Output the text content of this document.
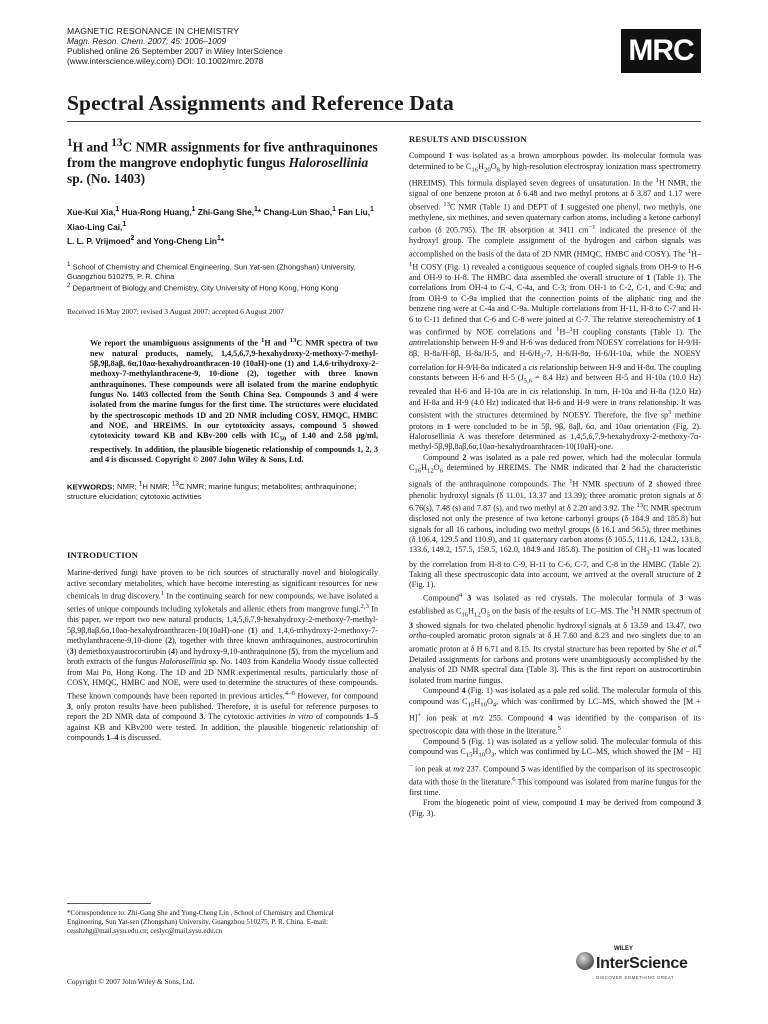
MAGNETIC RESONANCE IN CHEMISTRY
Magn. Reson. Chem. 2007; 45: 1006–1009
Published online 26 September 2007 in Wiley InterScience
(www.interscience.wiley.com) DOI: 10.1002/mrc.2078	MRC
Spectral Assignments and Reference Data
$^1$H and $^{13}$C NMR assignments for five anthraquinones from the mangrove endophytic fungus Halorosellinia sp. (No. 1403)
Xue-Kui Xia,$^1$ Hua-Rong Huang,$^1$ Zhi-Gang She,$^1$* Chang-Lun Shao,$^1$ Fan Liu,$^1$ Xiao-Ling Cai,$^1$
L. L. P. Vrijmoed$^2$ and Yong-Cheng Lin$^1$*
$^1$ School of Chemistry and Chemical Engineering, Sun Yat-sen (Zhongshan) University, Guangzhou 510275, P. R. China
$^2$ Department of Biology and Chemistry, City University of Hong Kong, Hong Kong
Received 16 May 2007; revised 3 August 2007; accepted 6 August 2007
We report the unambiguous assignments of the $^1$H and $^{13}$C NMR spectra of two new natural products, namely, 1,4,5,6,7,9-hexahydroxy-2-methoxy-7-methyl-5β,9β,8aβ, 6α,10aα-hexahydroanthracen-10 (10aH)-one (1) and 1,4,6-trihydroxy-2-methoxy-7-methylanthracene-9, 10-dione (2), together with three known anthraquinones. These compounds were all isolated from the marine endophytic fungus No. 1403 collected from the South China Sea. Compounds 3 and 4 were isolated from the marine fungus for the first time. The structures were elucidated by the spectroscopic methods 1D and 2D NMR including COSY, HMQC, HMBC and NOE, and HREIMS. In our cytotoxicity assays, compound 5 showed cytotoxicity toward KB and KBv-200 cells with $IC_{50}$ of 1.40 and 2.58 μg/ml, respectively. In addition, the plausible biogenetic relationship of compounds 1, 2, 3 and 4 is discussed. Copyright © 2007 John Wiley & Sons, Ltd.
KEYWORDS: NMR; $^1$H NMR; $^{13}$C NMR; marine fungus; metabolites; anthraquinone; structure elucidation; cytotoxic activities
INTRODUCTION
Marine-derived fungi have proven to be rich sources of structurally novel and biologically active secondary metabolites, which have become interesting as significant resources for new chemicals in drug discovery.$^1$ In the continuing search for new compounds, we have isolated a series of unique compounds including xyloketals and allenic ethers from mangrove fungi.$^{2,3}$ In this paper, we report two new natural products, 1,4,5,6,7,9-hexahydroxy-2-methoxy-7-methyl-5β,9β,8aβ,6α,10aα-hexahydroanthracen-10(10aH)-one (1) and 1,4,6-trihydroxy-2-methoxy-7-methylanthracene-9,10-dione (2), together with three known anthraquinones, austrocortirubin (3) demethoxyaustrocortirubin (4) and hydroxy-9,10-anthraquinone (5), from the mycelium and broth extracts of the fungus Halorosellinia sp. No. 1403 from Kandelia Woody tissue collected from Mai Po, Hong Kong. The 1D and 2D NMR experimental results, particularly those of COSY, HMQC, HMBC and NOE, were used to determine the structures of these compounds. These known compounds have been reported in previous articles.$^{4-6}$ However, for compound 3, only proton results have been published. Therefore, it is useful for reference purposes to report the 2D NMR data of compound 3. The cytotoxic activities in vitro of compounds 1–5 against KB and KBv200 were tested. In addition, the plausible biogenetic relationship of compounds 1–4 is discussed.
*Correspondence to: Zhi-Gang She and Yong-Cheng Lin , School of Chemistry and Chemical Engineering, Sun Yat-sen (Zhongshan) University, Guangzhou 510275, P. R. China. E-mail: cesshzhg@mail.sysu.edu.cn; ceslyc@mail.sysu.edu.cn
Copyright © 2007 John Wiley & Sons, Ltd.
RESULTS AND DISCUSSION

Compound 1 was isolated as a brown amorphous powder. Its molecular formula was determined to be $C_{16}H_{20}O_8$ by high-resolution electrospray ionization mass spectrometry (HREIMS). This formula displayed seven degrees of unsaturation. In the $^1$H NMR, the signal of one benzene proton at δ 6.48 and two methyl protons at δ 3.87 and 1.17 were observed. $^{13}$C NMR (Table 1) and DEPT of 1 suggested one phenyl, two methyls, one methylene, six methines, and seven quaternary carbon atoms, including a ketone carbonyl carbon (δ 205.795). The IR absorption at 3411 $cm^{-1}$ indicated the presence of the hydroxyl group. The complete assignment of the hydrogen and carbon signals was accomplished on the basis of the data of 2D NMR (HMQC, HMBC and COSY). The $^1$H–$^1$H COSY (Fig. 1) revealed a contiguous sequence of coupled signals from OH-9 to H-6 and OH-9 to H-8. The HMBC data assembled the overall structure of 1 (Table 1). The correlations from OH-4 to C-4, C-4a, and C-3; from OH-1 to C-2, C-1, and C-9a; and from OH-9 to C-9a implied that the connection points of the aliphatic ring and the benzene ring were at C-4a and C-9a. Multiple correlations from H-11, H-8 to C-7 and H-6 to C-11 defined that C-6 and C-8 were joined at C-7. The relative stereochemistry of 1 was confirmed by NOE correlations and $^1$H–$^1$H coupling constants (Table 1). The antirelationship between H-9 and H-6 was deduced from NOESY correlations for H-9/H-8β, H-8a/H-8β, H-8a/H-5, and $H-6/H_3-7$, H-6/H-8α, H-6/H-10a, while the NOESY correlation for H-9/H-8α indicated a cis relationship between H-9 and H-8α. The coupling constants between H-6 and H-5 ($J_{5,6} = 8.4$ Hz) and between H-5 and H-10a (10.0 Hz) revealed that H-6 and H-10a are in cis relationship. In turn, H-10a and H-8a (12.0 Hz) and H-8a and H-9 (4.0 Hz) indicated that H-6 and H-9 were in trans relationship. It was consistent with the structures determined by NOESY. Therefore, the five $sp^3$ methine protons in 1 were concluded to be in 5β, 9β, 8aβ, 6α, and 10aα orientation (Fig. 2). Halorosellinia A was therefore determined as 1,4,5,6,7,9-hexahydroxy-2-methoxy-7α-methyl-5β,9β,8aβ,6α,10aα-hexahydroanthracen-10(10aH)-one.

Compound 2 was isolated as a pale red power, which had the molecular formula $C_{16}H_{12}O_6$ determined by HREIMS. The NMR indicated that 2 had the characteristic signals of the anthraquinone compounds. The $^1$H NMR spectrum of 2 showed three phenolic hydroxyl signals (δ 11.01, 13.37 and 13.39); three aromatic proton signals at δ 6.76(s), 7.48 (s) and 7.87 (s), and two methyl at δ 2.20 and 3.92. The $^{13}$C NMR spectrum disclosed not only the presence of two ketone carbonyl groups (δ 184.9 and 185.8) but signals for all 16 carbons, including two methyl groups (δ 16.1 and 56.5), three methines (δ 106.4, 129.5 and 110.9), and 11 quaternary carbon atoms (δ 105.5, 111.6, 124.2, 131.8, 133.6, 149.2, 157.5, 159.5, 162.0, 184.9 and 185.8). The position of $CH_3-11$ was located by the correlation from H-8 to C-9, H-11 to C-6, C-7, and C-8 in the HMBC (Table 2). Taking all these spectroscopic data into account, we arrived at the overall structure of 2 (Fig. 1).

Compound$^4$ 3 was isolated as red crystals. The molecular formula of 3 was established as $C_{16}H_{12}O_5$ on the basis of the results of LC–MS. The $^1$H NMR spectrum of 3 showed signals for two chelated phenolic hydroxyl signals at δ 13.59 and 13.47, two ortho-coupled aromatic proton signals at δ H 7.60 and 8.23 and two singlets due to an aromatic proton at δ H 6.71 and 8.15. Its crystal structure has been reported by She et al.$^4$ Detailed assignments for carbons and protons were unambiguously accomplished by the analysis of 2D NMR spectral data (Table 3). This is the first report on austrocortirubin isolated from marine fungus.

Compound 4 (Fig. 1) was isolated as a pale red solid. The molecular formula of this compound was $C_{15}H_{10}O_4$, which was confirmed by LC–MS, which showed the [M + H]+ ion peak at m/z 255. Compound 4 was identified by the comparison of its spectroscopic data with those in the literature.$^5$

Compound 5 (Fig. 1) was isolated as a yellow solid. The molecular formula of this compound was $C_{15}H_{10}O_3$, which was confirmed by LC–MS, which showed the [M − H]− ion peak at m/z 237. Compound 5 was identified by the comparison of its spectroscopic data with those in the literature.$^6$ This compound was isolated from marine fungus for the first time.

From the biogenetic point of view, compound 1 may be derived from compound 3 (Fig. 3).

WILEY
InterScience
DISCOVER SOMETHING GREAT
